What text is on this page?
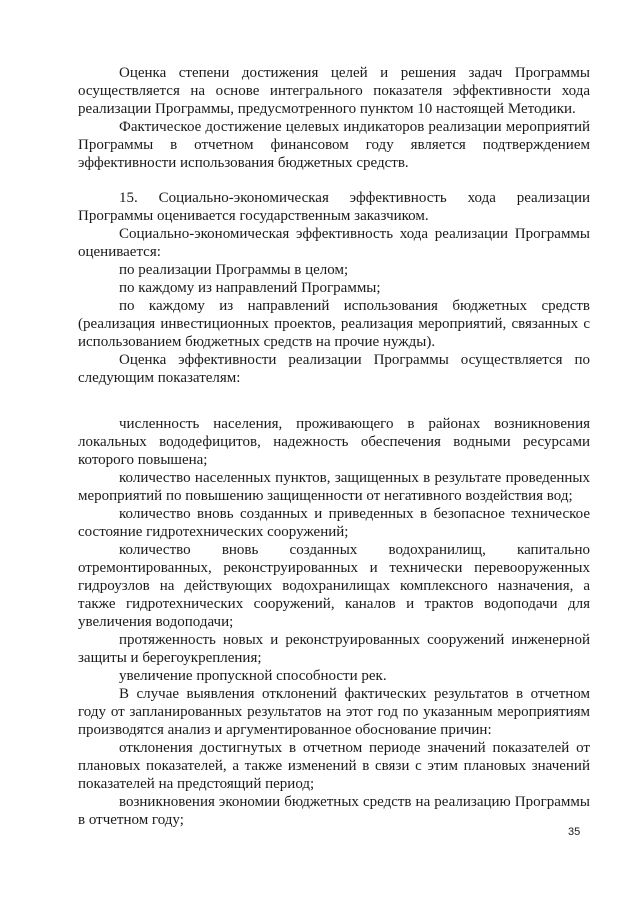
Оценка степени достижения целей и решения задач Программы осуществляется на основе интегрального показателя эффективности хода реализации Программы, предусмотренного пунктом 10 настоящей Методики.

Фактическое достижение целевых индикаторов реализации мероприятий Программы в отчетном финансовом году является подтверждением эффективности использования бюджетных средств.

15. Социально-экономическая эффективность хода реализации Программы оценивается государственным заказчиком.

Социально-экономическая эффективность хода реализации Программы оценивается:

по реализации Программы в целом;

по каждому из направлений Программы;

по каждому из направлений использования бюджетных средств (реализация инвестиционных проектов, реализация мероприятий, связанных с использованием бюджетных средств на прочие нужды).

Оценка эффективности реализации Программы осуществляется по следующим показателям:

численность населения, проживающего в районах возникновения локальных вододефицитов, надежность обеспечения водными ресурсами которого повышена;

количество населенных пунктов, защищенных в результате проведенных мероприятий по повышению защищенности от негативного воздействия вод;

количество вновь созданных и приведенных в безопасное техническое состояние гидротехнических сооружений;

количество вновь созданных водохранилищ, капитально отремонтированных, реконструированных и технически перевооруженных гидроузлов на действующих водохранилищах комплексного назначения, а также гидротехнических сооружений, каналов и трактов водоподачи для увеличения водоподачи;

протяженность новых и реконструированных сооружений инженерной защиты и берегоукрепления;

увеличение пропускной способности рек.

В случае выявления отклонений фактических результатов в отчетном году от запланированных результатов на этот год по указанным мероприятиям производятся анализ и аргументированное обоснование причин:

отклонения достигнутых в отчетном периоде значений показателей от плановых показателей, а также изменений в связи с этим плановых значений показателей на предстоящий период;

возникновения экономии бюджетных средств на реализацию Программы в отчетном году;

35
